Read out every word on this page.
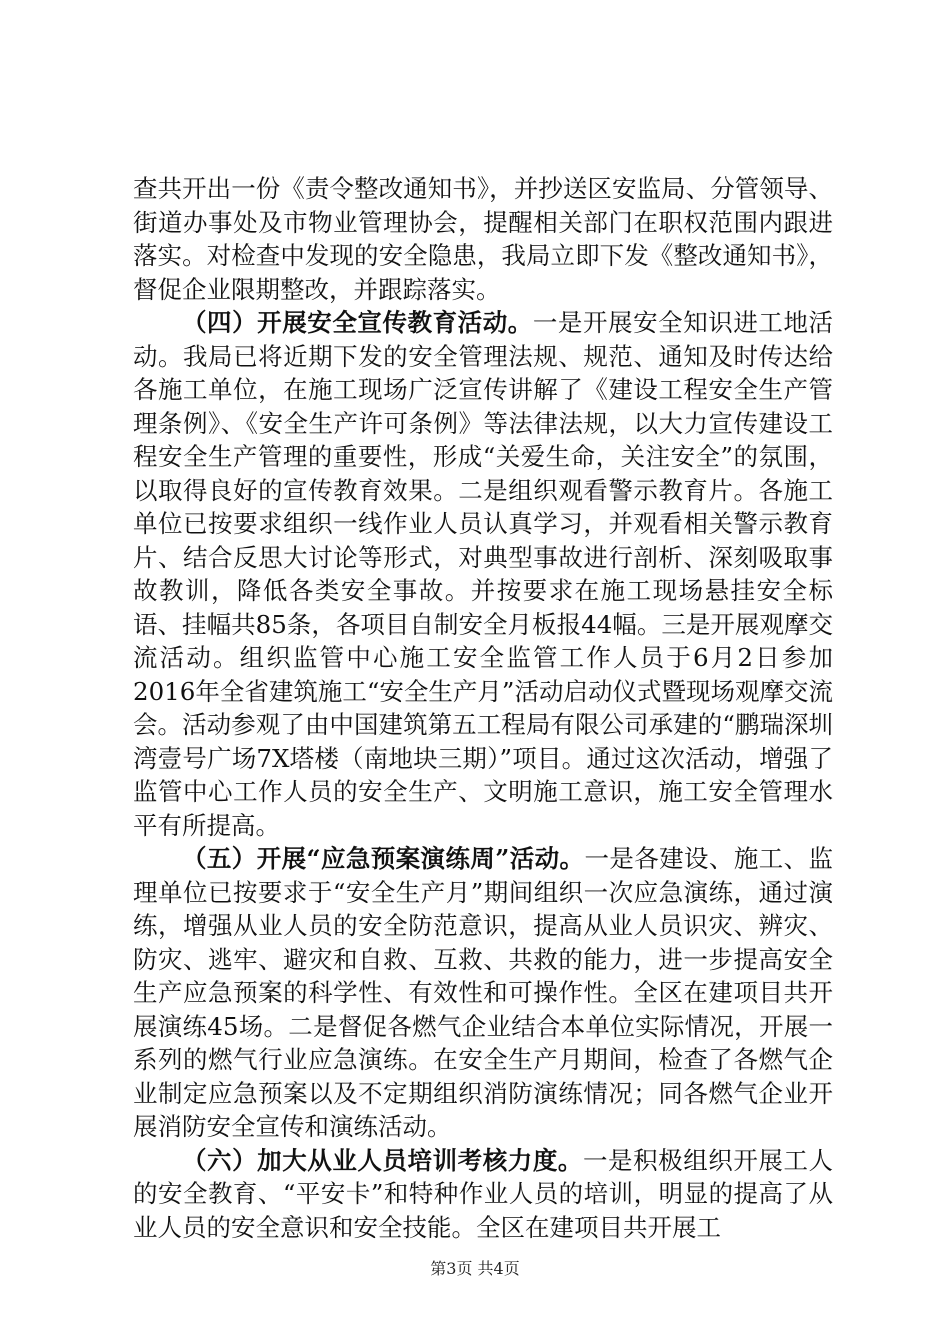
查共开出一份《责令整改通知书》，并抄送区安监局、分管领导、街道办事处及市物业管理协会，提醒相关部门在职权范围内跟进落实。对检查中发现的安全隐患，我局立即下发《整改通知书》，督促企业限期整改，并跟踪落实。

（四）开展安全宣传教育活动。一是开展安全知识进工地活动。我局已将近期下发的安全管理法规、规范、通知及时传达给各施工单位，在施工现场广泛宣传讲解了《建设工程安全生产管理条例》、《安全生产许可条例》等法律法规，以大力宣传建设工程安全生产管理的重要性，形成“关爱生命，关注安全”的氛围，以取得良好的宣传教育效果。二是组织观看警示教育片。各施工单位已按要求组织一线作业人员认真学习，并观看相关警示教育片、结合反思大讨论等形式，对典型事故进行剖析、深刻吸取事故教训，降低各类安全事故。并按要求在施工现场悬挂安全标语、挂幅共85条，各项目自制安全月板报44幅。三是开展观摩交流活动。组织监管中心施工安全监管工作人员于6月2日参加2016年全省建筑施工“安全生产月”活动启动仪式暨现场观摩交流会。活动参观了由中国建筑第五工程局有限公司承建的“鹏瑞深圳湾壹号广场7X塔楼（南地块三期）”项目。通过这次活动，增强了监管中心工作人员的安全生产、文明施工意识，施工安全管理水平有所提高。

（五）开展“应急预案演练周”活动。一是各建设、施工、监理单位已按要求于“安全生产月”期间组织一次应急演练，通过演练，增强从业人员的安全防范意识，提高从业人员识灾、辨灾、防灾、逃牢、避灾和自救、互救、共救的能力，进一步提高安全生产应急预案的科学性、有效性和可操作性。全区在建项目共开展演练45场。二是督促各燃气企业结合本单位实际情况，开展一系列的燃气行业应急演练。在安全生产月期间，检查了各燃气企业制定应急预案以及不定期组织消防演练情况；同各燃气企业开展消防安全宣传和演练活动。

（六）加大从业人员培训考核力度。一是积极组织开展工人的安全教育、“平安卡”和特种作业人员的培训，明显的提高了从业人员的安全意识和安全技能。全区在建项目共开展工

第3页 共4页
